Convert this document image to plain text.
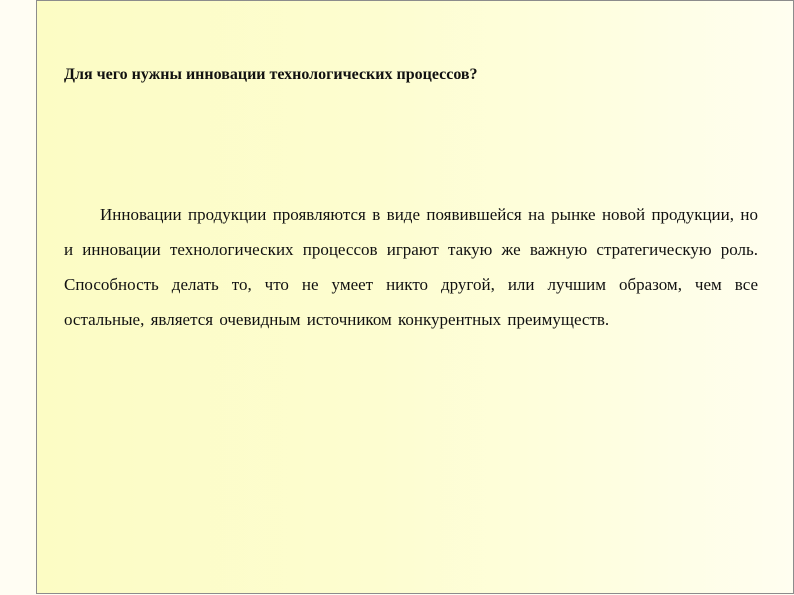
Для чего нужны инновации технологических процессов?

Инновации продукции проявляются в виде появившейся на рынке новой продукции, но и инновации технологических процессов играют такую же важную стратегическую роль. Способность делать то, что не умеет никто другой, или лучшим образом, чем все остальные, является очевидным источником конкурентных преимуществ.
